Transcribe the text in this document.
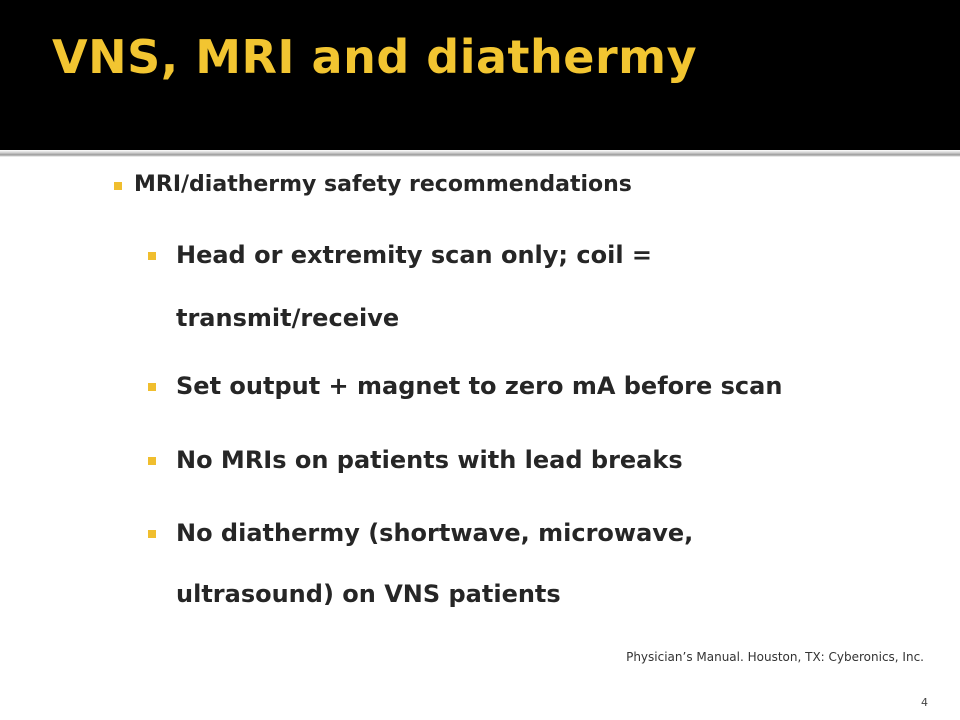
VNS, MRI and diathermy
MRI/diathermy safety recommendations
Head or extremity scan only; coil =
transmit/receive
Set output + magnet to zero mA before scan
No MRIs on patients with lead breaks
No diathermy (shortwave, microwave,
ultrasound) on VNS patients
Physician’s Manual. Houston, TX: Cyberonics, Inc.
4
